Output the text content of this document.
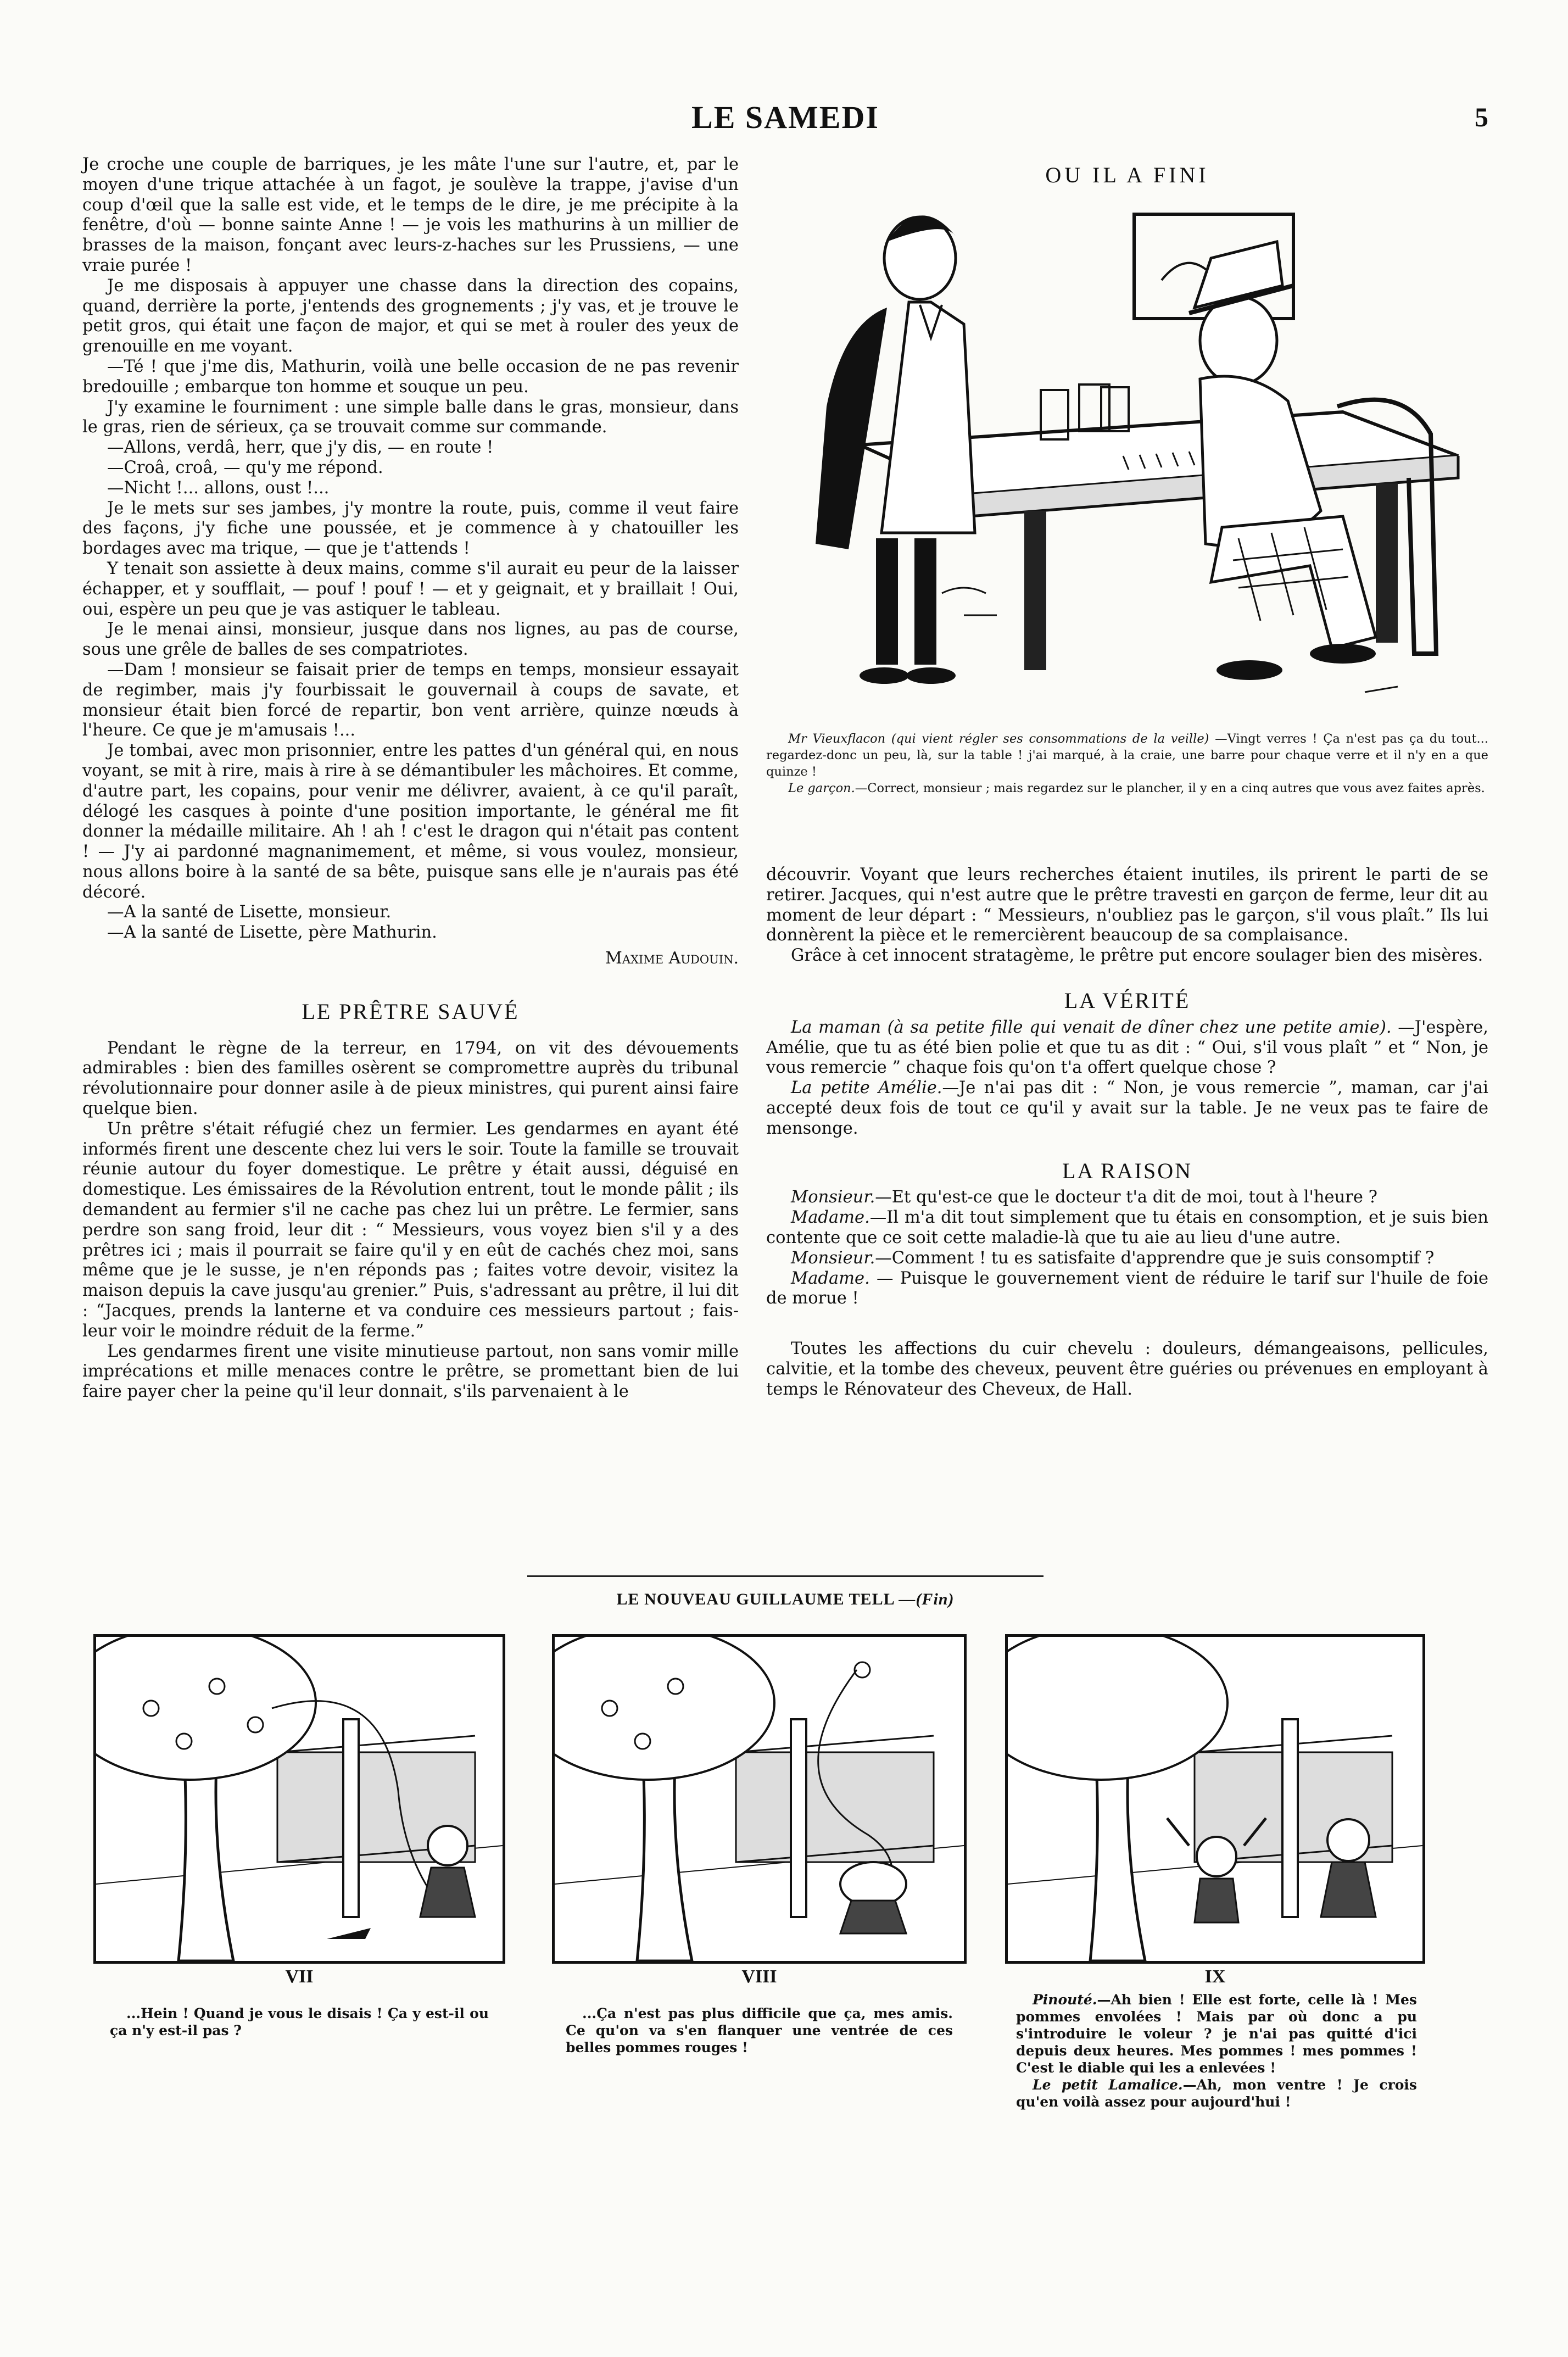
LE SAMEDI	5

Je croche une couple de barriques, je les mâte l'une sur l'autre, et, par le moyen d'une trique attachée à un fagot, je soulève la trappe, j'avise d'un coup d'œil que la salle est vide, et le temps de le dire, je me précipite à la fenêtre, d'où — bonne sainte Anne ! — je vois les mathurins à un millier de brasses de la maison, fonçant avec leurs-z-haches sur les Prussiens, — une vraie purée !

Je me disposais à appuyer une chasse dans la direction des copains, quand, derrière la porte, j'entends des grognements ; j'y vas, et je trouve le petit gros, qui était une façon de major, et qui se met à rouler des yeux de grenouille en me voyant.

—Té ! que j'me dis, Mathurin, voilà une belle occasion de ne pas revenir bredouille ; embarque ton homme et souque un peu.

J'y examine le fourniment : une simple balle dans le gras, monsieur, dans le gras, rien de sérieux, ça se trouvait comme sur commande.

—Allons, verdâ, herr, que j'y dis, — en route !

—Croâ, croâ, — qu'y me répond.

—Nicht !... allons, oust !...

Je le mets sur ses jambes, j'y montre la route, puis, comme il veut faire des façons, j'y fiche une poussée, et je commence à y chatouiller les bordages avec ma trique, — que je t'attends !

Y tenait son assiette à deux mains, comme s'il aurait eu peur de la laisser échapper, et y soufflait, — pouf ! pouf ! — et y geignait, et y braillait ! Oui, oui, espère un peu que je vas astiquer le tableau.

Je le menai ainsi, monsieur, jusque dans nos lignes, au pas de course, sous une grêle de balles de ses compatriotes.

—Dam ! monsieur se faisait prier de temps en temps, monsieur essayait de regimber, mais j'y fourbissait le gouvernail à coups de savate, et monsieur était bien forcé de repartir, bon vent arrière, quinze nœuds à l'heure. Ce que je m'amusais !...

Je tombai, avec mon prisonnier, entre les pattes d'un général qui, en nous voyant, se mit à rire, mais à rire à se démantibuler les mâchoires. Et comme, d'autre part, les copains, pour venir me délivrer, avaient, à ce qu'il paraît, délogé les casques à pointe d'une position importante, le général me fit donner la médaille militaire. Ah ! ah ! c'est le dragon qui n'était pas content ! — J'y ai pardonné magnanimement, et même, si vous voulez, monsieur, nous allons boire à la santé de sa bête, puisque sans elle je n'aurais pas été décoré.

—A la santé de Lisette, monsieur.

—A la santé de Lisette, père Mathurin.

Maxime Audouin.
LE PRÊTRE SAUVÉ

Pendant le règne de la terreur, en 1794, on vit des dévouements admirables : bien des familles osèrent se compromettre auprès du tribunal révolutionnaire pour donner asile à de pieux ministres, qui purent ainsi faire quelque bien.

Un prêtre s'était réfugié chez un fermier. Les gendarmes en ayant été informés firent une descente chez lui vers le soir. Toute la famille se trouvait réunie autour du foyer domestique. Le prêtre y était aussi, déguisé en domestique. Les émissaires de la Révolution entrent, tout le monde pâlit ; ils demandent au fermier s'il ne cache pas chez lui un prêtre. Le fermier, sans perdre son sang froid, leur dit : “ Messieurs, vous voyez bien s'il y a des prêtres ici ; mais il pourrait se faire qu'il y en eût de cachés chez moi, sans même que je le susse, je n'en réponds pas ; faites votre devoir, visitez la maison depuis la cave jusqu'au grenier.” Puis, s'adressant au prêtre, il lui dit : “Jacques, prends la lanterne et va conduire ces messieurs partout ; fais-leur voir le moindre réduit de la ferme.”

Les gendarmes firent une visite minutieuse partout, non sans vomir mille imprécations et mille menaces contre le prêtre, se promettant bien de lui faire payer cher la peine qu'il leur donnait, s'ils parvenaient à le

OU IL A FINI

Mr Vieuxflacon (qui vient régler ses consommations de la veille) —Vingt verres ! Ça n'est pas ça du tout... regardez-donc un peu, là, sur la table ! j'ai marqué, à la craie, une barre pour chaque verre et il n'y en a que quinze !

Le garçon.—Correct, monsieur ; mais regardez sur le plancher, il y en a cinq autres que vous avez faites après.

découvrir. Voyant que leurs recherches étaient inutiles, ils prirent le parti de se retirer. Jacques, qui n'est autre que le prêtre travesti en garçon de ferme, leur dit au moment de leur départ : “ Messieurs, n'oubliez pas le garçon, s'il vous plaît.” Ils lui donnèrent la pièce et le remercièrent beaucoup de sa complaisance.

Grâce à cet innocent stratagème, le prêtre put encore soulager bien des misères.

LA VÉRITÉ

La maman (à sa petite fille qui venait de dîner chez une petite amie). —J'espère, Amélie, que tu as été bien polie et que tu as dit : “ Oui, s'il vous plaît ” et “ Non, je vous remercie ” chaque fois qu'on t'a offert quelque chose ?

La petite Amélie.—Je n'ai pas dit : “ Non, je vous remercie ”, maman, car j'ai accepté deux fois de tout ce qu'il y avait sur la table. Je ne veux pas te faire de mensonge.

LA RAISON

Monsieur.—Et qu'est-ce que le docteur t'a dit de moi, tout à l'heure ?

Madame.—Il m'a dit tout simplement que tu étais en consomption, et je suis bien contente que ce soit cette maladie-là que tu aie au lieu d'une autre.

Monsieur.—Comment ! tu es satisfaite d'apprendre que je suis consomptif ?

Madame. — Puisque le gouvernement vient de réduire le tarif sur l'huile de foie de morue !

Toutes les affections du cuir chevelu : douleurs, démangeaisons, pellicules, calvitie, et la tombe des cheveux, peuvent être guéries ou prévenues en employant à temps le Rénovateur des Cheveux, de Hall.

LE NOUVEAU GUILLAUME TELL —(Fin)
VII

...Hein ! Quand je vous le disais ! Ça y est-il ou ça n'y est-il pas ?

VIII

...Ça n'est pas plus difficile que ça, mes amis. Ce qu'on va s'en flanquer une ventrée de ces belles pommes rouges !

IX

Pinouté.—Ah bien ! Elle est forte, celle là ! Mes pommes envolées ! Mais par où donc a pu s'introduire le voleur ? je n'ai pas quitté d'ici depuis deux heures. Mes pommes ! mes pommes ! C'est le diable qui les a enlevées !

Le petit Lamalice.—Ah, mon ventre ! Je crois qu'en voilà assez pour aujourd'hui !
